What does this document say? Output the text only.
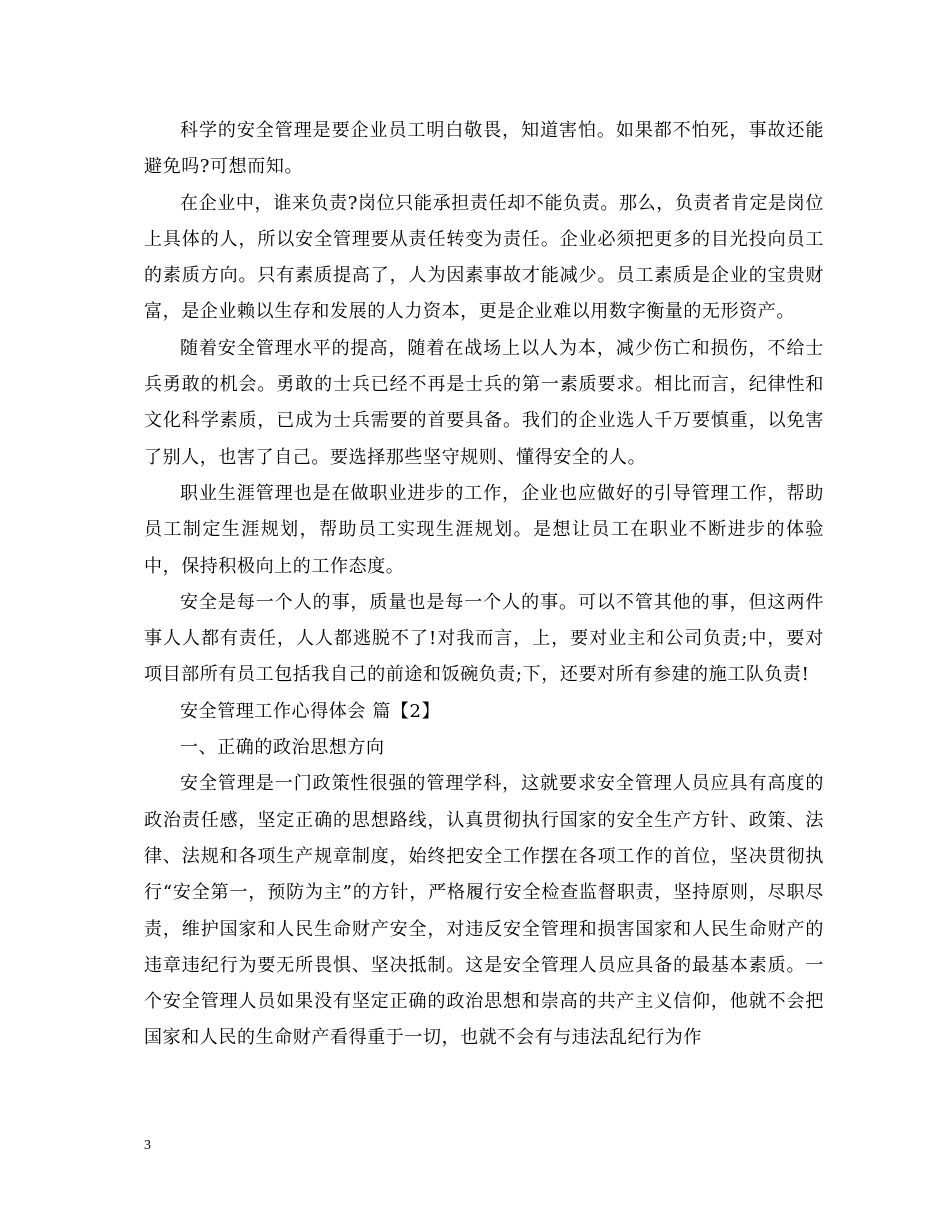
科学的安全管理是要企业员工明白敬畏，知道害怕。如果都不怕死，事故还能避免吗?可想而知。

在企业中，谁来负责?岗位只能承担责任却不能负责。那么，负责者肯定是岗位上具体的人，所以安全管理要从责任转变为责任。企业必须把更多的目光投向员工的素质方向。只有素质提高了，人为因素事故才能减少。员工素质是企业的宝贵财富，是企业赖以生存和发展的人力资本，更是企业难以用数字衡量的无形资产。

随着安全管理水平的提高，随着在战场上以人为本，减少伤亡和损伤，不给士兵勇敢的机会。勇敢的士兵已经不再是士兵的第一素质要求。相比而言，纪律性和文化科学素质，已成为士兵需要的首要具备。我们的企业选人千万要慎重，以免害了别人，也害了自己。要选择那些坚守规则、懂得安全的人。

职业生涯管理也是在做职业进步的工作，企业也应做好的引导管理工作，帮助员工制定生涯规划，帮助员工实现生涯规划。是想让员工在职业不断进步的体验中，保持积极向上的工作态度。

安全是每一个人的事，质量也是每一个人的事。可以不管其他的事，但这两件事人人都有责任，人人都逃脱不了!对我而言，上，要对业主和公司负责;中，要对项目部所有员工包括我自己的前途和饭碗负责;下，还要对所有参建的施工队负责!

安全管理工作心得体会 篇【2】

一、正确的政治思想方向

安全管理是一门政策性很强的管理学科，这就要求安全管理人员应具有高度的政治责任感，坚定正确的思想路线，认真贯彻执行国家的安全生产方针、政策、法律、法规和各项生产规章制度，始终把安全工作摆在各项工作的首位，坚决贯彻执行“安全第一，预防为主”的方针，严格履行安全检查监督职责，坚持原则，尽职尽责，维护国家和人民生命财产安全，对违反安全管理和损害国家和人民生命财产的违章违纪行为要无所畏惧、坚决抵制。这是安全管理人员应具备的最基本素质。一个安全管理人员如果没有坚定正确的政治思想和崇高的共产主义信仰，他就不会把国家和人民的生命财产看得重于一切，也就不会有与违法乱纪行为作

3
